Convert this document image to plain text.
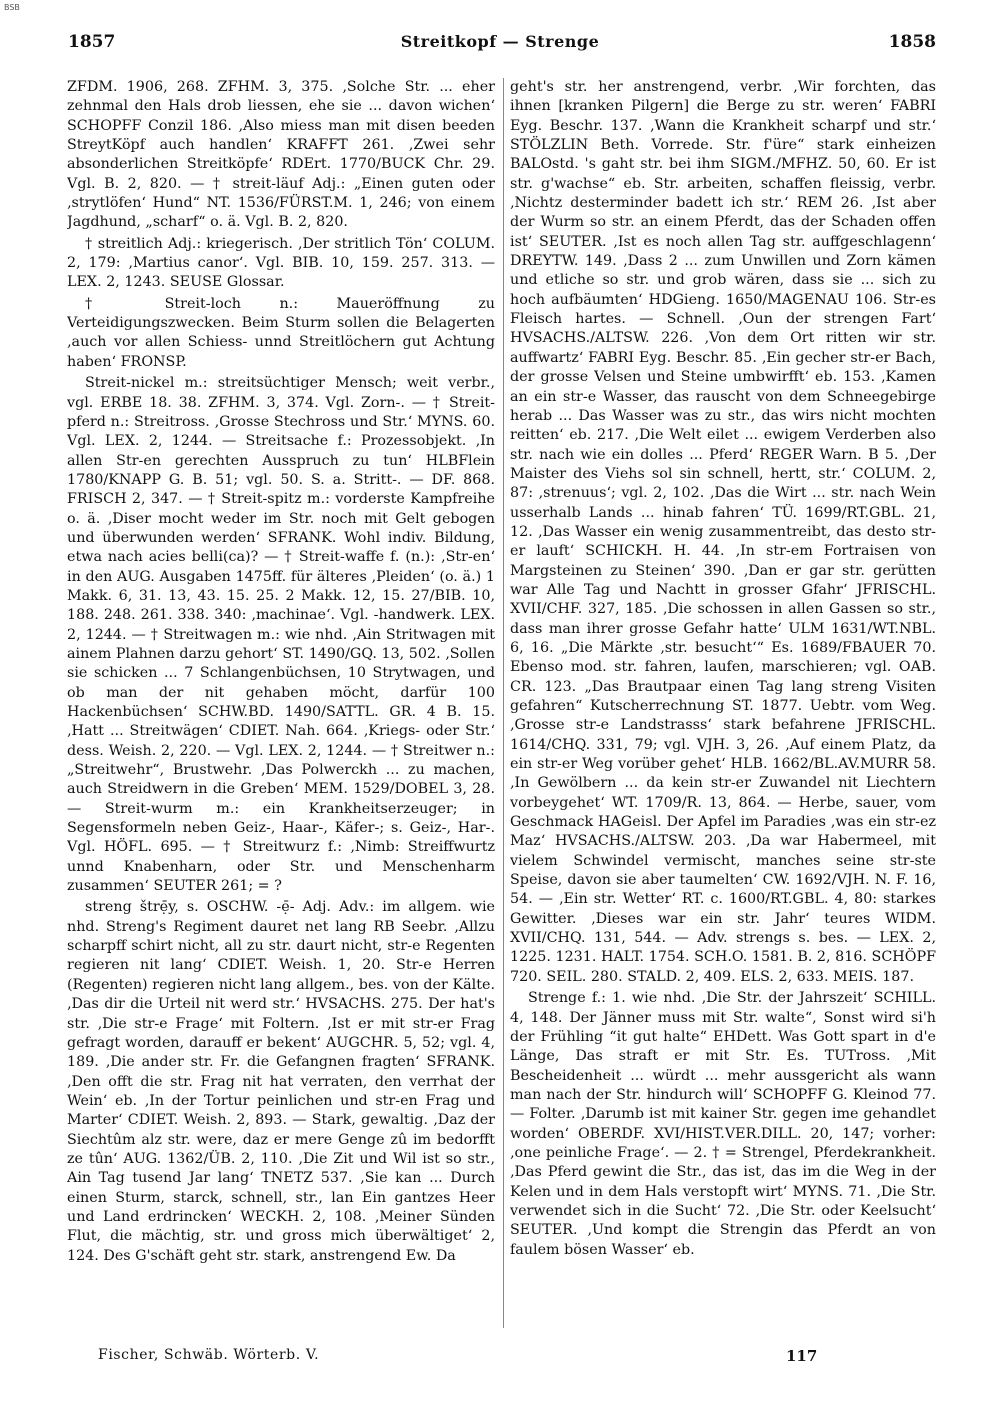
BSB
1857	Streitkopf — Strenge	1858

ZFDM. 1906, 268. ZFHM. 3, 375. ‚Solche Str. ... eher zehnmal den Hals drob liessen, ehe sie ... davon wichen‘ SCHOPFF Conzil 186. ‚Also miess man mit disen beeden StreytKöpf auch handlen‘ KRAFFT 261. ‚Zwei sehr absonderlichen Streitköpfe‘ RDErt. 1770/BUCK Chr. 29. Vgl. B. 2, 820. — † streit-läuf Adj.: „Einen guten oder ‚strytlöfen‘ Hund“ NT. 1536/FÜRST.M. 1, 246; von einem Jagdhund, „scharf“ o. ä. Vgl. B. 2, 820.

† streitlich Adj.: kriegerisch. ‚Der stritlich Tön‘ COLUM. 2, 179: ‚Martius canor‘. Vgl. BIB. 10, 159. 257. 313. — LEX. 2, 1243. SEUSE Glossar.

† Streit-loch n.: Maueröffnung zu Verteidigungszwecken. Beim Sturm sollen die Belagerten ‚auch vor allen Schiess- unnd Streitlöchern gut Achtung haben‘ FRONSP.

Streit-nickel m.: streitsüchtiger Mensch; weit verbr., vgl. ERBE 18. 38. ZFHM. 3, 374. Vgl. Zorn-. — † Streit-pferd n.: Streitross. ‚Grosse Stechross und Str.‘ MYNS. 60. Vgl. LEX. 2, 1244. — Streitsache f.: Prozessobjekt. ‚In allen Str-en gerechten Ausspruch zu tun‘ HLBFlein 1780/KNAPP G. B. 51; vgl. 50. S. a. Stritt-. — DF. 868. FRISCH 2, 347. — † Streit-spitz m.: vorderste Kampfreihe o. ä. ‚Diser mocht weder im Str. noch mit Gelt gebogen und überwunden werden‘ SFRANK. Wohl indiv. Bildung, etwa nach acies belli(ca)? — † Streit-waffe f. (n.): ‚Str-en‘ in den AUG. Ausgaben 1475ff. für älteres ‚Pleiden‘ (o. ä.) 1 Makk. 6, 31. 13, 43. 15. 25. 2 Makk. 12, 15. 27/BIB. 10, 188. 248. 261. 338. 340: ‚machinae‘. Vgl. -handwerk. LEX. 2, 1244. — † Streitwagen m.: wie nhd. ‚Ain Stritwagen mit ainem Plahnen darzu gehort‘ ST. 1490/GQ. 13, 502. ‚Sollen sie schicken ... 7 Schlangenbüchsen, 10 Strytwagen, und ob man der nit gehaben möcht, darfür 100 Hackenbüchsen‘ SCHW.BD. 1490/SATTL. GR. 4 B. 15. ‚Hatt ... Streitwägen‘ CDIET. Nah. 664. ‚Kriegs- oder Str.‘ dess. Weish. 2, 220. — Vgl. LEX. 2, 1244. — † Streitwer n.: „Streitwehr“, Brustwehr. ‚Das Polwerckh ... zu machen, auch Streidwern in die Greben‘ MEM. 1529/DOBEL 3, 28. — Streit-wurm m.: ein Krankheitserzeuger; in Segensformeln neben Geiz-, Haar-, Käfer-; s. Geiz-, Har-. Vgl. HÖFL. 695. — † Streitwurz f.: ‚Nimb: Streiffwurtz unnd Knabenharn, oder Str. und Menschenharm zusammen‘ SEUTER 261; = ?

streng štrẹ̄y, s. OSCHW. -ẹ̄- Adj. Adv.: im allgem. wie nhd. Streng's Regiment dauret net lang RB Seebr. ‚Allzu scharpff schirt nicht, all zu str. daurt nicht, str-e Regenten regieren nit lang‘ CDIET. Weish. 1, 20. Str-e Herren (Regenten) regieren nicht lang allgem., bes. von der Kälte. ‚Das dir die Urteil nit werd str.‘ HVSACHS. 275. Der hat's str. ‚Die str-e Frage‘ mit Foltern. ‚Ist er mit str-er Frag gefragt worden, darauff er bekent‘ AUGCHR. 5, 52; vgl. 4, 189. ‚Die ander str. Fr. die Gefangnen fragten‘ SFRANK. ‚Den offt die str. Frag nit hat verraten, den verrhat der Wein‘ eb. ‚In der Tortur peinlichen und str-en Frag und Marter‘ CDIET. Weish. 2, 893. — Stark, gewaltig. ‚Daz der Siechtûm alz str. were, daz er mere Genge zû im bedorfft ze tûn‘ AUG. 1362/ÜB. 2, 110. ‚Die Zit und Wil ist so str., Ain Tag tusend Jar lang‘ TNETZ 537. ‚Sie kan ... Durch einen Sturm, starck, schnell, str., lan Ein gantzes Heer und Land erdrincken‘ WECKH. 2, 108. ‚Meiner Sünden Flut, die mächtig, str. und gross mich überwältiget‘ 2, 124. Des G'schäft geht str. stark, anstrengend Ew. Da

geht's str. her anstrengend, verbr. ‚Wir forchten, das ihnen [kranken Pilgern] die Berge zu str. weren‘ FABRI Eyg. Beschr. 137. ‚Wann die Krankheit scharpf und str.‘ STÖLZLIN Beth. Vorrede. Str. f'üre“ stark einheizen BALOstd. 's gaht str. bei ihm SIGM./MFHZ. 50, 60. Er ist str. g'wachse“ eb. Str. arbeiten, schaffen fleissig, verbr. ‚Nichtz desterminder badett ich str.‘ REM 26. ‚Ist aber der Wurm so str. an einem Pferdt, das der Schaden offen ist‘ SEUTER. ‚Ist es noch allen Tag str. auffgeschlagenn‘ DREYTW. 149. ‚Dass 2 ... zum Unwillen und Zorn kämen und etliche so str. und grob wären, dass sie ... sich zu hoch aufbäumten‘ HDGieng. 1650/MAGENAU 106. Str-es Fleisch hartes. — Schnell. ‚Oun der strengen Fart‘ HVSACHS./ALTSW. 226. ‚Von dem Ort ritten wir str. auffwartz‘ FABRI Eyg. Beschr. 85. ‚Ein gecher str-er Bach, der grosse Velsen und Steine umbwirfft‘ eb. 153. ‚Kamen an ein str-e Wasser, das rauscht von dem Schneegebirge herab ... Das Wasser was zu str., das wirs nicht mochten reitten‘ eb. 217. ‚Die Welt eilet ... ewigem Verderben also str. nach wie ein dolles ... Pferd‘ REGER Warn. B 5. ‚Der Maister des Viehs sol sin schnell, hertt, str.‘ COLUM. 2, 87: ‚strenuus‘; vgl. 2, 102. ‚Das die Wirt ... str. nach Wein usserhalb Lands ... hinab fahren‘ TÜ. 1699/RT.GBL. 21, 12. ‚Das Wasser ein wenig zusammentreibt, das desto str-er lauft‘ SCHICKH. H. 44. ‚In str-em Fortraisen von Margsteinen zu Steinen‘ 390. ‚Dan er gar str. gerütten war Alle Tag und Nachtt in grosser Gfahr‘ JFRISCHL. XVII/CHF. 327, 185. ‚Die schossen in allen Gassen so str., dass man ihrer grosse Gefahr hatte‘ ULM 1631/WT.NBL. 6, 16. „Die Märkte ‚str. besucht‘“ Es. 1689/FBAUER 70. Ebenso mod. str. fahren, laufen, marschieren; vgl. OAB. CR. 123. „Das Brautpaar einen Tag lang streng Visiten gefahren“ Kutscherrechnung ST. 1877. Uebtr. vom Weg. ‚Grosse str-e Landstrasss‘ stark befahrene JFRISCHL. 1614/CHQ. 331, 79; vgl. VJH. 3, 26. ‚Auf einem Platz, da ein str-er Weg vorüber gehet‘ HLB. 1662/BL.AV.MURR 58. ‚In Gewölbern ... da kein str-er Zuwandel nit Liechtern vorbeygehet‘ WT. 1709/R. 13, 864. — Herbe, sauer, vom Geschmack HAGeisl. Der Apfel im Paradies ‚was ein str-ez Maz‘ HVSACHS./ALTSW. 203. ‚Da war Habermeel, mit vielem Schwindel vermischt, manches seine str-ste Speise, davon sie aber taumelten‘ CW. 1692/VJH. N. F. 16, 54. — ‚Ein str. Wetter‘ RT. c. 1600/RT.GBL. 4, 80: starkes Gewitter. ‚Dieses war ein str. Jahr‘ teures WIDM. XVII/CHQ. 131, 544. — Adv. strengs s. bes. — LEX. 2, 1225. 1231. HALT. 1754. SCH.O. 1581. B. 2, 816. SCHÖPF 720. SEIL. 280. STALD. 2, 409. ELS. 2, 633. MEIS. 187.

Strenge f.: 1. wie nhd. ‚Die Str. der Jahrszeit‘ SCHILL. 4, 148. Der Jänner muss mit Str. walte“, Sonst wird si'h der Frühling “it gut halte“ EHDett. Was Gott spart in d'e Länge, Das straft er mit Str. Es. TUTross. ‚Mit Bescheidenheit ... würdt ... mehr aussgericht als wann man nach der Str. hindurch will‘ SCHOPFF G. Kleinod 77. — Folter. ‚Darumb ist mit kainer Str. gegen ime gehandlet worden‘ OBERDF. XVI/HIST.VER.DILL. 20, 147; vorher: ‚one peinliche Frage‘. — 2. † = Strengel, Pferdekrankheit. ‚Das Pferd gewint die Str., das ist, das im die Weg in der Kelen und in dem Hals verstopft wirt‘ MYNS. 71. ‚Die Str. verwendet sich in die Sucht‘ 72. ‚Die Str. oder Keelsucht‘ SEUTER. ‚Und kompt die Strengin das Pferdt an von faulem bösen Wasser‘ eb.

Fischer, Schwäb. Wörterb. V.	117
